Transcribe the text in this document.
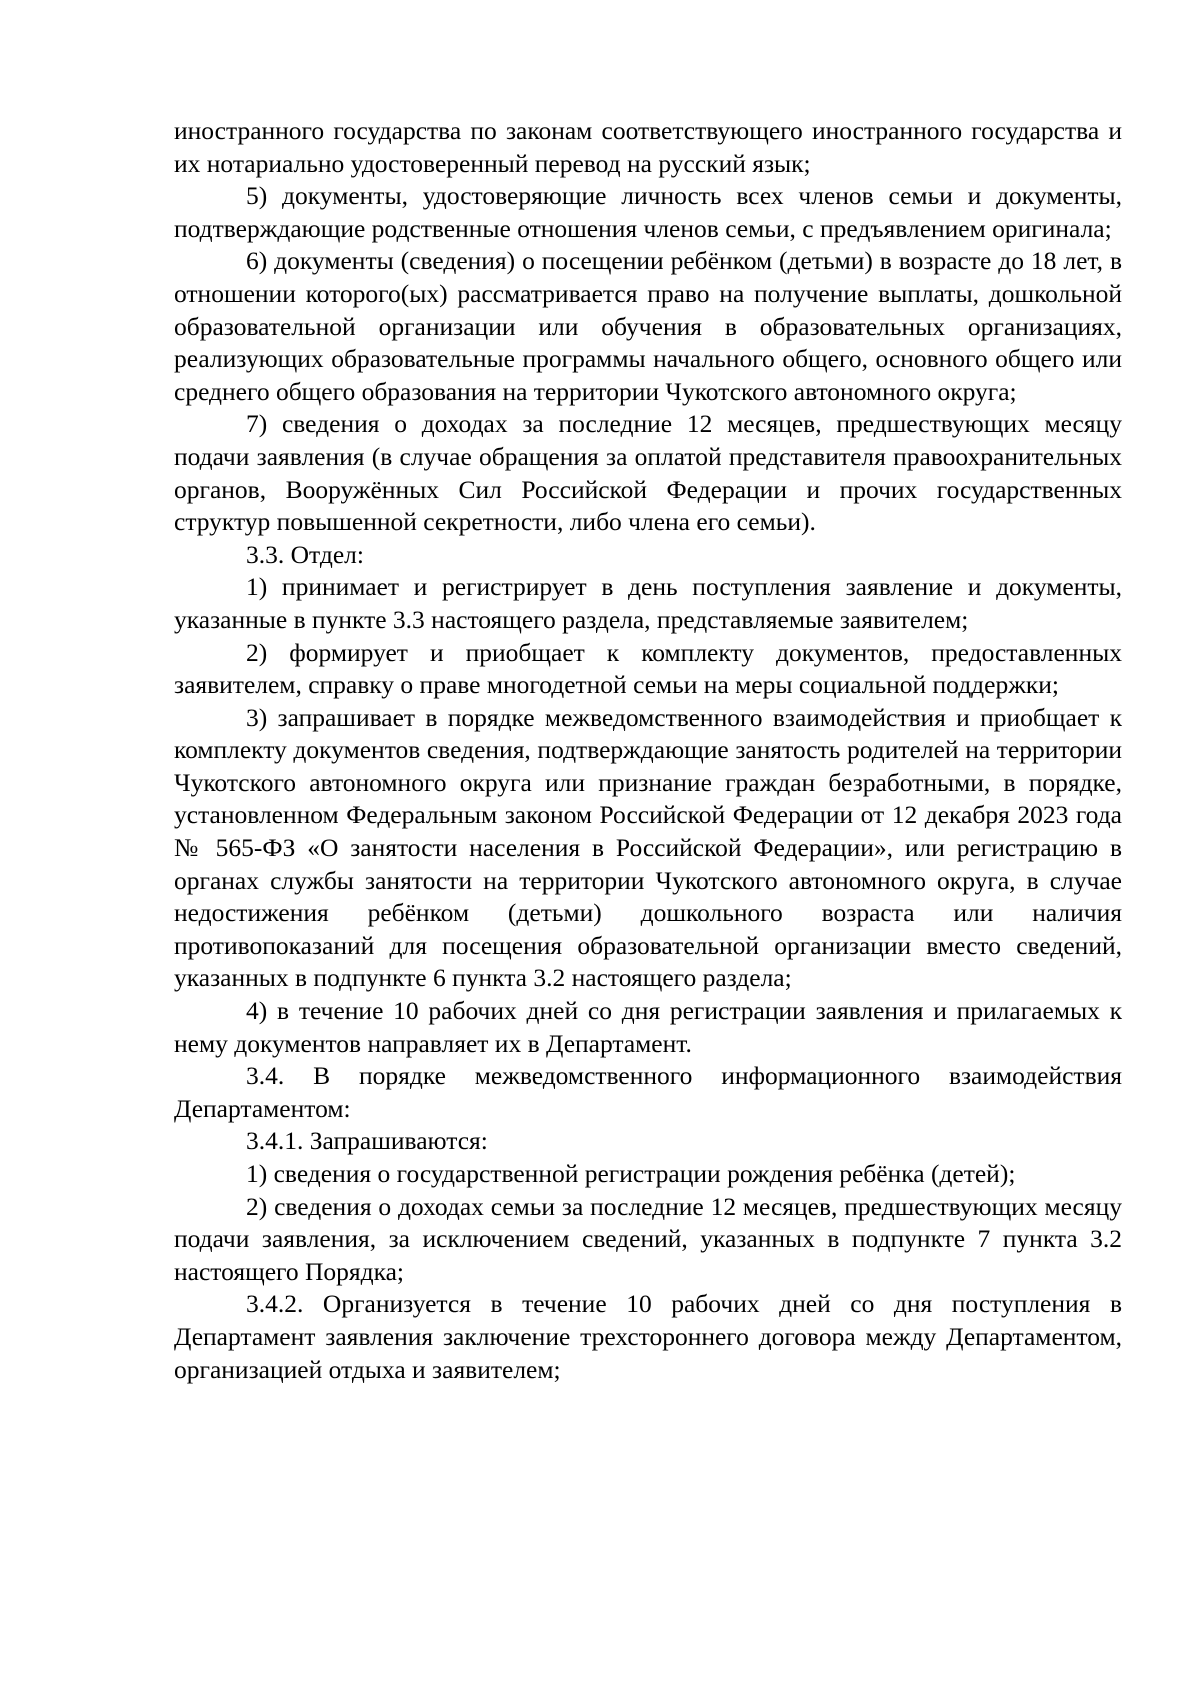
иностранного государства по законам соответствующего иностранного государства и их нотариально удостоверенный перевод на русский язык;

5) документы, удостоверяющие личность всех членов семьи и документы, подтверждающие родственные отношения членов семьи, с предъявлением оригинала;

6) документы (сведения) о посещении ребёнком (детьми) в возрасте до 18 лет, в отношении которого(ых) рассматривается право на получение выплаты, дошкольной образовательной организации или обучения в образовательных организациях, реализующих образовательные программы начального общего, основного общего или среднего общего образования на территории Чукотского автономного округа;

7) сведения о доходах за последние 12 месяцев, предшествующих месяцу подачи заявления (в случае обращения за оплатой представителя правоохранительных органов, Вооружённых Сил Российской Федерации и прочих государственных структур повышенной секретности, либо члена его семьи).

3.3. Отдел:

1) принимает и регистрирует в день поступления заявление и документы, указанные в пункте 3.3 настоящего раздела, представляемые заявителем;

2) формирует и приобщает к комплекту документов, предоставленных заявителем, справку о праве многодетной семьи на меры социальной поддержки;

3) запрашивает в порядке межведомственного взаимодействия и приобщает к комплекту документов сведения, подтверждающие занятость родителей на территории Чукотского автономного округа или признание граждан безработными, в порядке, установленном Федеральным законом Российской Федерации от 12 декабря 2023 года № 565-ФЗ «О занятости населения в Российской Федерации», или регистрацию в органах службы занятости на территории Чукотского автономного округа, в случае недостижения ребёнком (детьми) дошкольного возраста или наличия противопоказаний для посещения образовательной организации вместо сведений, указанных в подпункте 6 пункта 3.2 настоящего раздела;

4) в течение 10 рабочих дней со дня регистрации заявления и прилагаемых к нему документов направляет их в Департамент.

3.4. В порядке межведомственного информационного взаимодействия Департаментом:

3.4.1. Запрашиваются:

1) сведения о государственной регистрации рождения ребёнка (детей);

2) сведения о доходах семьи за последние 12 месяцев, предшествующих месяцу подачи заявления, за исключением сведений, указанных в подпункте 7 пункта 3.2 настоящего Порядка;

3.4.2. Организуется в течение 10 рабочих дней со дня поступления в Департамент заявления заключение трехстороннего договора между Департаментом, организацией отдыха и заявителем;
